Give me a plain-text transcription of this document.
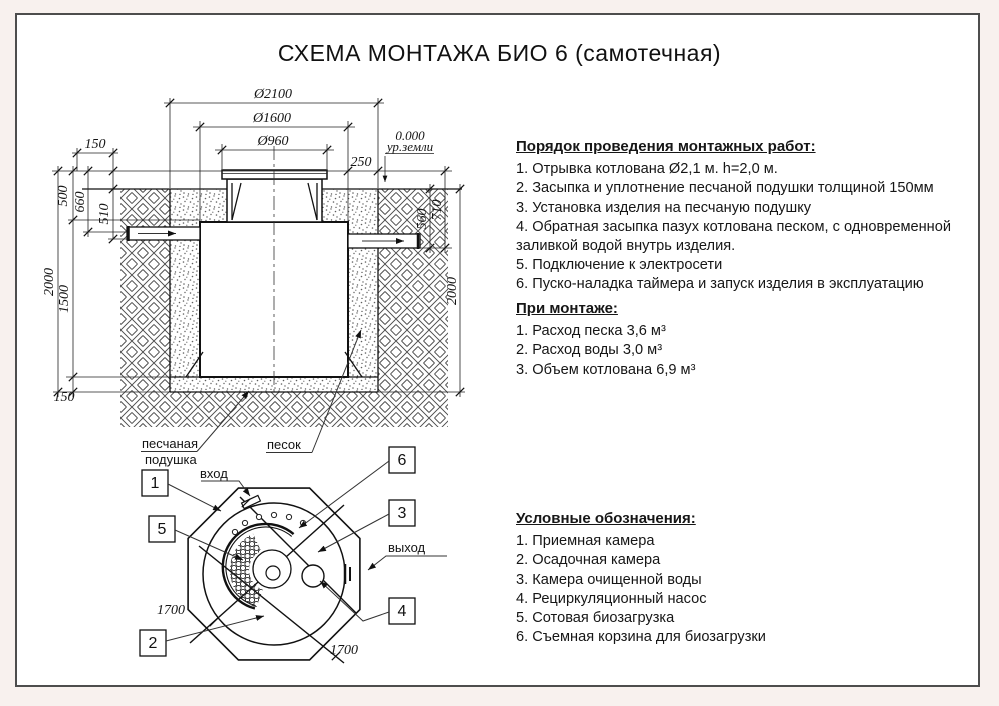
СХЕМА МОНТАЖА БИО 6 (самотечная)
Ø2100
Ø1600
Ø960
250
150
0.000
ур.земли
500 660
510
2000
1500
150
560 710
2000
песчаная
подушка
песок
1700
1700
1
5
2
6
3
4
вход
выход
Порядок проведения монтажных работ:
1. Отрывка котлована Ø2,1 м. h=2,0 м.
2. Засыпка и уплотнение песчаной подушки толщиной 150мм
3. Установка изделия на песчаную подушку
4. Обратная засыпка пазух котлована песком, с одновременной заливкой водой внутрь изделия.
5. Подключение к электросети
6. Пуско-наладка таймера и запуск изделия в эксплуатацию
При монтаже:
1. Расход песка 3,6 м³
2. Расход воды 3,0 м³
3. Объем котлована 6,9 м³
Условные обозначения:
1. Приемная камера
2. Осадочная камера
3. Камера очищенной воды
4. Рециркуляционный насос
5. Сотовая биозагрузка
6. Съемная корзина для биозагрузки
